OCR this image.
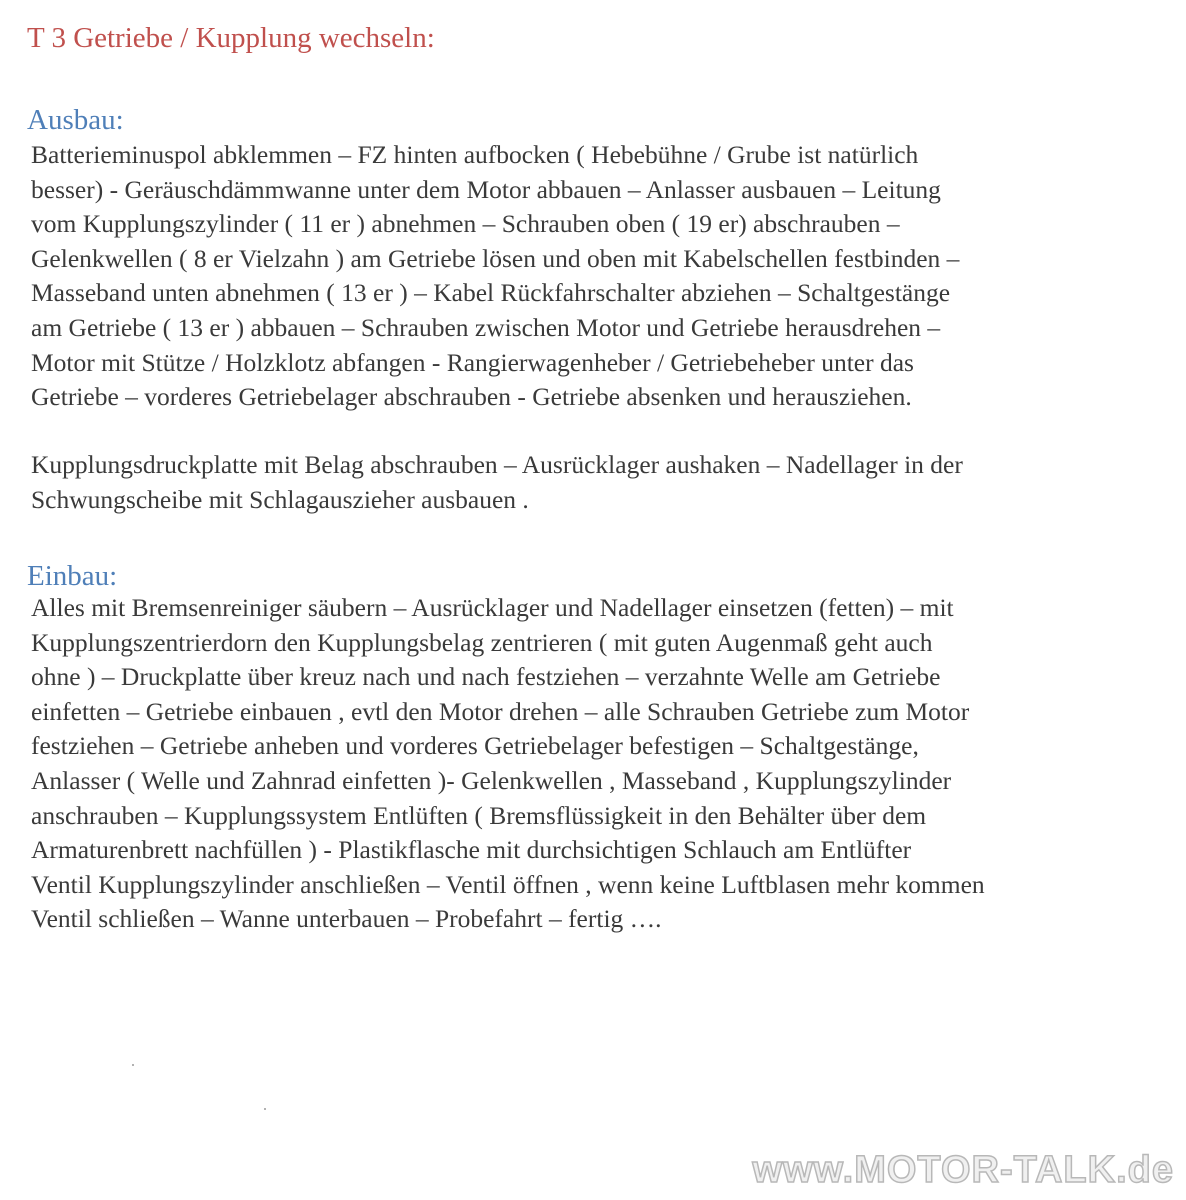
T 3 Getriebe / Kupplung wechseln:
Ausbau:
Batterieminuspol abklemmen – FZ hinten aufbocken ( Hebebühne / Grube ist natürlich
besser) - Geräuschdämmwanne unter dem Motor abbauen – Anlasser ausbauen – Leitung
vom Kupplungszylinder ( 11 er ) abnehmen – Schrauben oben ( 19 er) abschrauben –
Gelenkwellen ( 8 er Vielzahn ) am Getriebe lösen und oben mit Kabelschellen festbinden –
Masseband unten abnehmen ( 13 er ) – Kabel Rückfahrschalter abziehen – Schaltgestänge
am Getriebe ( 13 er ) abbauen – Schrauben zwischen Motor und Getriebe herausdrehen –
Motor mit Stütze / Holzklotz abfangen - Rangierwagenheber / Getriebeheber unter das
Getriebe – vorderes Getriebelager abschrauben - Getriebe absenken und herausziehen.
Kupplungsdruckplatte mit Belag abschrauben – Ausrücklager aushaken – Nadellager in der
Schwungscheibe mit Schlagauszieher ausbauen .
Einbau:
Alles mit Bremsenreiniger säubern – Ausrücklager und Nadellager einsetzen (fetten) – mit
Kupplungszentrierdorn den Kupplungsbelag zentrieren ( mit guten Augenmaß geht auch
ohne ) – Druckplatte über kreuz nach und nach festziehen – verzahnte Welle am Getriebe
einfetten – Getriebe einbauen , evtl den Motor drehen – alle Schrauben Getriebe zum Motor
festziehen – Getriebe anheben und vorderes Getriebelager befestigen – Schaltgestänge,
Anlasser ( Welle und Zahnrad einfetten )- Gelenkwellen , Masseband , Kupplungszylinder
anschrauben – Kupplungssystem Entlüften ( Bremsflüssigkeit in den Behälter über dem
Armaturenbrett nachfüllen ) - Plastikflasche mit durchsichtigen Schlauch am Entlüfter
Ventil Kupplungszylinder anschließen – Ventil öffnen , wenn keine Luftblasen mehr kommen
Ventil schließen – Wanne unterbauen – Probefahrt – fertig ….
www.MOTOR-TALK.de
